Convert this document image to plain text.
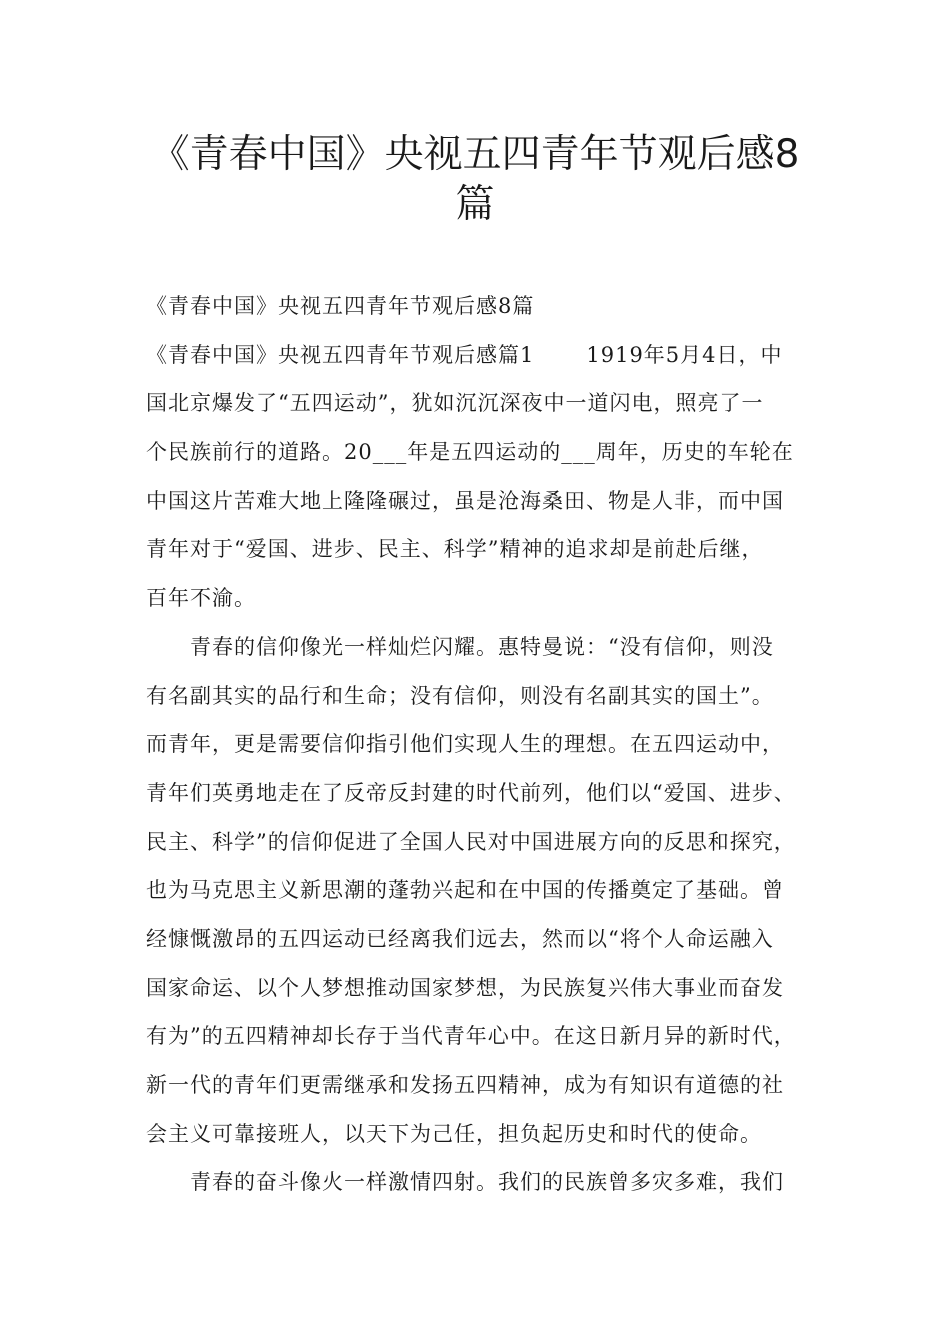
《青春中国》央视五四青年节观后感8
篇
《青春中国》央视五四青年节观后感8篇
《青春中国》央视五四青年节观后感篇1 1919年5月4日，中
国北京爆发了“五四运动”，犹如沉沉深夜中一道闪电，照亮了一
个民族前行的道路。20___年是五四运动的___周年，历史的车轮在
中国这片苦难大地上隆隆碾过，虽是沧海桑田、物是人非，而中国
青年对于“爱国、进步、民主、科学”精神的追求却是前赴后继，
百年不渝。
青春的信仰像光一样灿烂闪耀。惠特曼说：“没有信仰，则没
有名副其实的品行和生命；没有信仰，则没有名副其实的国土”。
而青年，更是需要信仰指引他们实现人生的理想。在五四运动中，
青年们英勇地走在了反帝反封建的时代前列，他们以“爱国、进步、
民主、科学”的信仰促进了全国人民对中国进展方向的反思和探究，
也为马克思主义新思潮的蓬勃兴起和在中国的传播奠定了基础。曾
经慷慨激昂的五四运动已经离我们远去，然而以“将个人命运融入
国家命运、以个人梦想推动国家梦想，为民族复兴伟大事业而奋发
有为”的五四精神却长存于当代青年心中。在这日新月异的新时代，
新一代的青年们更需继承和发扬五四精神，成为有知识有道德的社
会主义可靠接班人，以天下为己任，担负起历史和时代的使命。
青春的奋斗像火一样激情四射。我们的民族曾多灾多难，我们
